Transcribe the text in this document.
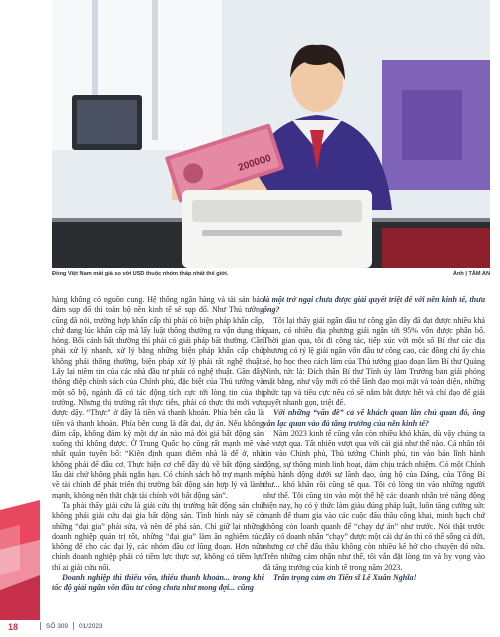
200000
Đồng Việt Nam mất giá so với USD thuộc nhóm thấp nhất thế giới.	Ảnh | TÂM AN

hàng không có nguồn cung. Hệ thống ngân hàng và tài sản bảo đảm sụp đổ thì toàn bộ nền kinh tế sẽ sụp đổ. Như Thủ tướng cũng đã nói, trường hợp khẩn cấp thì phải có biện pháp khẩn cấp, chứ đang lúc khẩn cấp mà lấy luật thông thường ra vận dụng thì hỏng. Bối cảnh bất thường thì phải có giải pháp bất thường. Cần phải xử lý nhanh, xử lý bằng những biện pháp khẩn cấp chứ không phải thông thường, biện pháp xử lý phải rất nghệ thuật. Lấy lại niềm tin của các nhà đầu tư phải có nghệ thuật. Gần đây thông điệp chính sách của Chính phủ, đặc biệt của Thủ tướng và một số bộ, ngành đã có tác động tích cực tới lòng tin của thị trường. Nhưng thị trường rất thực tiễn, phải có thực thi mới vực được dậy. “Thực” ở đây là tiền và thanh khoản. Phía bên cầu là tiền và thanh khoản. Phía bên cung là đất đai, dự án. Nếu không đảm cấp, không đảm kỳ một dự án nào mà đòi giá bất động sản xuống thì không được. Ở Trung Quốc họ cũng rất mạnh mẽ và nhất quán tuyên bố: “Kiên định quan điểm nhà là để ở, nhà không phải để đầu cơ. Thực hiện cơ chế đầy đủ về bất động sản lâu dài chứ không phải ngắn hạn. Có chính sách hỗ trợ mạnh mẽ về tài chính để phát triển thị trường bất động sản hợp lý và lành mạnh, không nên thắt chặt tài chính với bất động sản”.

Ta phải thấy giải cứu là giải cứu thị trường bất động sản chứ không phải giải cứu đại gia bất động sản. Tình hình này sẽ có những “đại gia” phải sửa, và nên để phá sản. Chỉ giữ lại những doanh nghiệp quản trị tốt, những “đại gia” làm ăn nghiêm túc, không để cho các đại lý, các nhóm đầu cơ lũng đoạn. Hơn nữa chính doanh nghiệp phải có tiềm lực thực sự, không có tiềm lực thì ai giải cứu nổi.

Doanh nghiệp thì thiếu vốn, thiếu thanh khoản... trong khi tốc độ giải ngân vốn đầu tư công chưa như mong đợi... cũng

là một trở ngại chưa được giải quyết triệt để với nền kinh tế, thưa ông?

Tôi lại thấy giải ngân đầu tư công gần đây đã đạt được nhiều khả quan, có nhiều địa phương giải ngân tới 95% vốn được phân bổ. Thời gian qua, tôi đi công tác, tiếp xúc với một số Bí thư các địa phương có tỷ lệ giải ngân vốn đầu tư công cao, các đồng chí ấy chia sẻ, họ học theo cách làm của Thủ tướng giao đoạn làm Bí thư Quảng Ninh, tức là: Đích thân Bí thư Tỉnh ủy làm Trưởng ban giải phóng mặt bằng, như vậy mới có thể lãnh đạo mọi mặt và toàn diện, những phức tạp và tiêu cực nếu có sẽ nắm bắt được hết và chỉ đạo để giải quyết nhanh gọn, triệt để.

Với những “vấn đề” cả về khách quan lẫn chủ quan đó, ông vẫn lạc quan vào đà tăng trưởng của nền kinh tế?

Năm 2023 kinh tế cũng vẫn còn nhiều khó khăn, dù vậy chúng ta sẽ vượt qua. Tất nhiên vượt qua với cái giá như thế nào. Cá nhân tôi tin vào Chính phủ, Thủ tướng Chính phủ, tin vào bản lĩnh hành động, sự thông minh linh hoạt, dám chịu trách nhiệm. Có một Chính phủ hành động dưới sự lãnh đạo, ủng hộ của Đảng, của Tổng Bí thư... khó khăn rồi cũng sẽ qua. Tôi có lòng tin vào những người như thế. Tôi cũng tin vào một thế hệ các doanh nhân trẻ năng động hiện nay, họ có ý thức làm giàu đúng pháp luật, luôn tăng cường sức mạnh để tham gia vào các cuộc đấu thầu công khai, minh bạch chứ không còn loanh quanh để “chạy dự án” như trước. Nói thật trước đây có doanh nhân “chạy” được một cái dự án thì có thể sống cả đời, nhưng cơ chế đấu thầu không còn nhiều kẽ hở cho chuyện đó nữa. Trên những cảm nhận như thế, tôi vẫn đặt lòng tin và hy vọng vào đà tăng trưởng của kinh tế trong năm 2023.

Trân trọng cảm ơn Tiến sĩ Lê Xuân Nghĩa!

18	SỐ 309 01/2023
